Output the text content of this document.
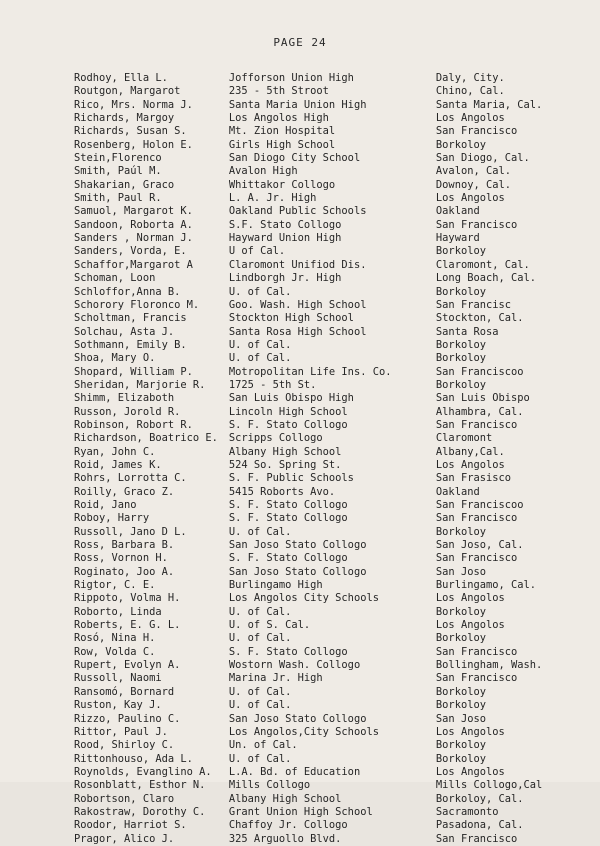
PAGE 24
Rodhoy, Ella L.	Jofforson Union High	Daly, City.
Routgon, Margarot	235 - 5th Stroot	Chino, Cal.
Rico, Mrs. Norma J.	Santa Maria Union High	Santa Maria, Cal.
Richards, Margoy	Los Angolos High	Los Angolos
Richards, Susan S.	Mt. Zion Hospital	San Francisco
Rosenberg, Holon E.	Girls High School	Borkoloy
Stein,Florenco	San Diogo City School	San Diogo, Cal.
Smith, Paúl M.	Avalon High	Avalon, Cal.
Shakarian, Graco	Whittakor Collogo	Downoy, Cal.
Smith, Paul R.	L. A. Jr. High	Los Angolos
Samuol, Margarot K.	Oakland Public Schools	Oakland
Sandoon, Roborta A.	S.F. Stato Collogo	San Francisco
Sanders , Norman J.	Hayward Union High	Hayward
Sanders, Vorda, E.	U of Cal.	Borkoloy
Schaffor,Margarot A	Claromont Unifiod Dis.	Claromont, Cal.
Schoman, Loon	Lindborgh Jr. High	Long Boach, Cal.
Schloffor,Anna B.	U. of Cal.	Borkoloy
Schorory Floronco M.	Goo. Wash. High School	San Francisc
Scholtman, Francis	Stockton High School	Stockton, Cal.
Solchau, Asta J.	Santa Rosa High School	Santa Rosa
Sothmann, Emily B.	U. of Cal.	Borkoloy
Shoa, Mary O.	U. of Cal.	Borkoloy
Shopard, William P.	Motropolitan Life Ins. Co.	San Franciscoo
Sheridan, Marjorie R.	1725 - 5th St.	Borkoloy
Shimm, Elizaboth	San Luis Obispo High	San Luis Obispo
Russon, Jorold R.	Lincoln High School	Alhambra, Cal.
Robinson, Robort R.	S. F. Stato Collogo	San Francisco
Richardson, Boatrico E.	Scripps Collogo	Claromont
Ryan, John C.	Albany High School	Albany,Cal.
Roid, James K.	524 So. Spring St.	Los Angolos
Rohrs, Lorrotta C.	S. F. Public Schools	San Frasisco
Roilly, Graco Z.	5415 Roborts Avo.	Oakland
Roid, Jano	S. F. Stato Collogo	San Franciscoo
Roboy, Harry	S. F. Stato Collogo	San Francisco
Russoll, Jano D L.	U. of Cal.	Borkoloy
Ross, Barbara B.	San Joso Stato Collogo	San Joso, Cal.
Ross, Vornon H.	S. F. Stato Collogo	San Francisco
Roginato, Joo A.	San Joso Stato Collogo	San Joso
Rigtor, C. E.	Burlingamo High	Burlingamo, Cal.
Rippoto, Volma H.	Los Angolos City Schools	Los Angolos
Roborto, Linda	U. of Cal.	Borkoloy
Roberts, E. G. L.	U. of S. Cal.	Los Angolos
Rosó, Nina H.	U. of Cal.	Borkoloy
Row, Volda C.	S. F. Stato Collogo	San Francisco
Rupert, Evolyn A.	Wostorn Wash. Collogo	Bollingham, Wash.
Russoll, Naomi	Marina Jr. High	San Francisco
Ransomó, Bornard	U. of Cal.	Borkoloy
Ruston, Kay J.	U. of Cal.	Borkoloy
Rizzo, Paulino C.	San Joso Stato Collogo	San Joso
Rittor, Paul J.	Los Angolos,City Schools	Los Angolos
Rood, Shirloy C.	Un. of Cal.	Borkoloy
Rittonhouso, Ada L.	U. of Cal.	Borkoloy
Roynolds, Evanglino A.	L.A. Bd. of Education	Los Angolos
Rosonblatt, Esthor N.	Mills Collogo	Mills Collogo,Cal
Robortson, Claro	Albany High School	Borkoloy, Cal.
Rakostraw, Dorothy C.	Grant Union High School	Sacramonto
Roodor, Harriot S.	Chaffoy Jr. Collogo	Pasadona, Cal.
Pragor, Alico J.	325 Arguollo Blvd.	San Francisco
